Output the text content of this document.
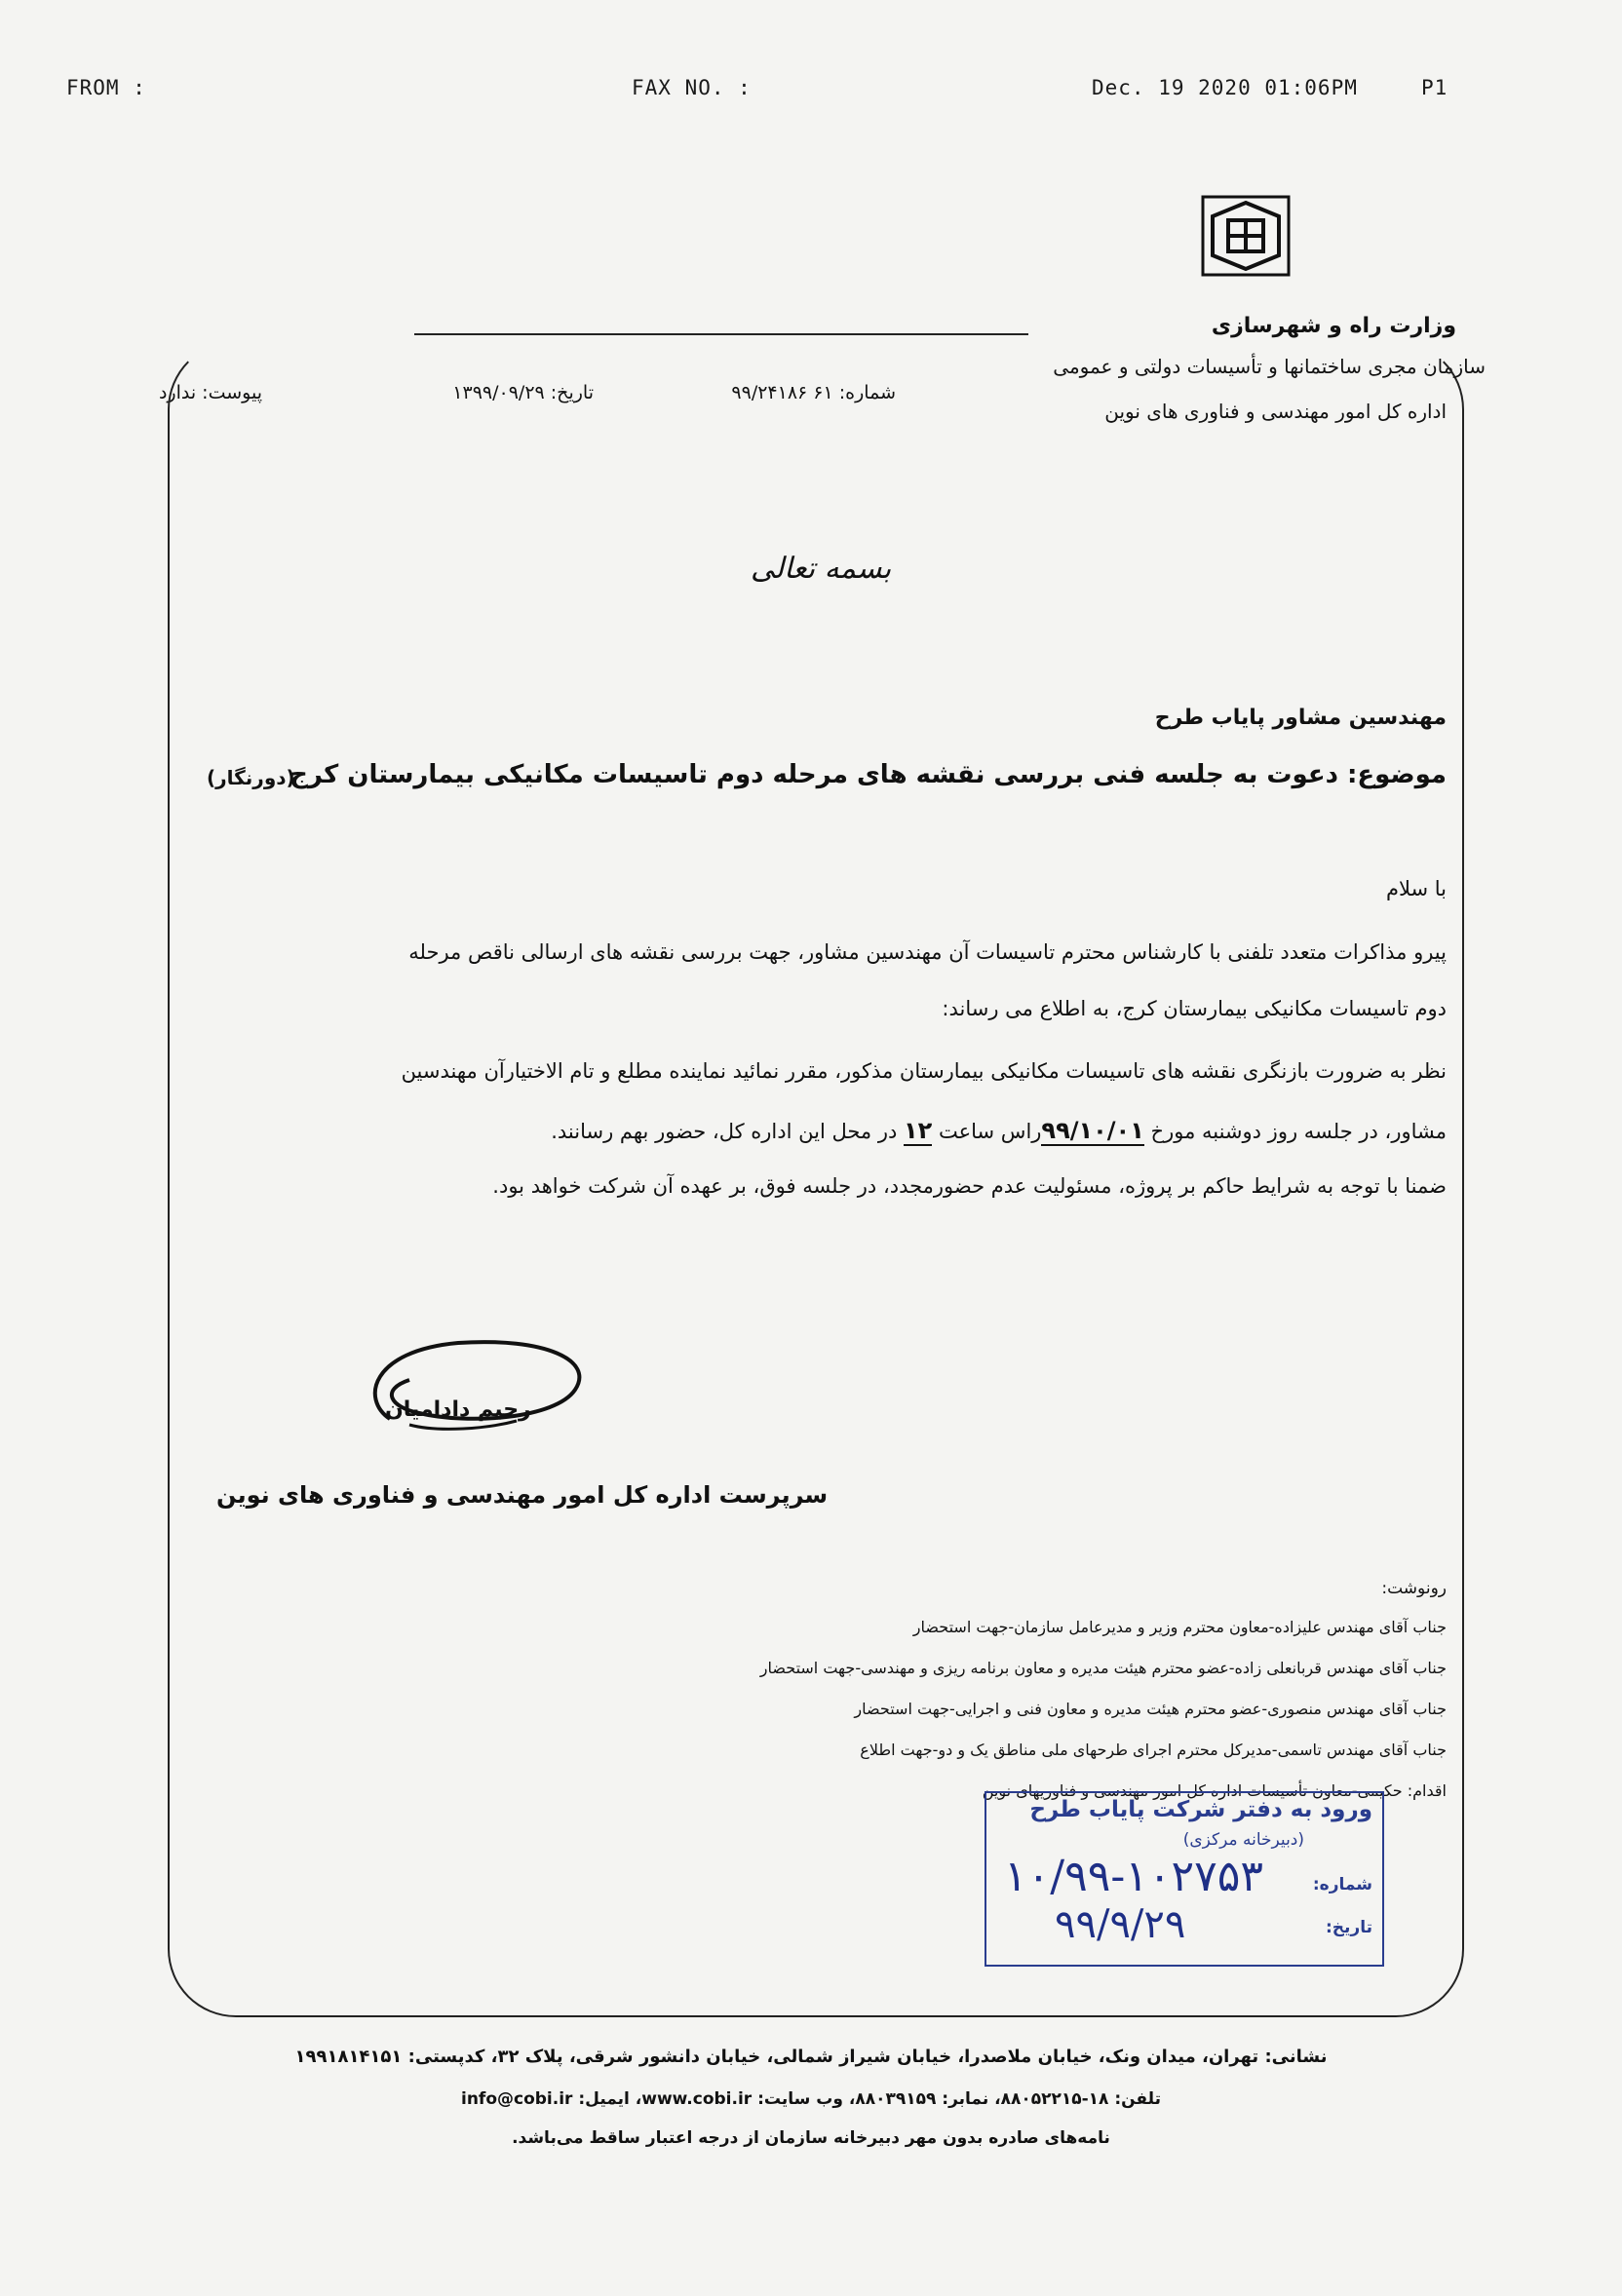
FROM :	FAX NO. :	Dec. 19 2020 01:06PM	P1
وزارت راه و شهرسازی
سازمان مجری ساختمانها و تأسیسات دولتی و عمومی
اداره کل امور مهندسی و فناوری های نوین
شماره: ۶۱ ۹۹/۲۴۱۸۶
تاریخ: ۱۳۹۹/۰۹/۲۹
پیوست: ندارد
بسمه تعالی
مهندسین مشاور پایاب طرح
موضوع: دعوت به جلسه فنی بررسی نقشه های مرحله دوم تاسیسات مکانیکی بیمارستان کرج
(دورنگار)
با سلام
پیرو مذاکرات متعدد تلفنی با کارشناس محترم تاسیسات آن مهندسین مشاور، جهت بررسی نقشه های ارسالی ناقص مرحله
دوم تاسیسات مکانیکی بیمارستان کرج، به اطلاع می رساند:
نظر به ضرورت بازنگری نقشه های تاسیسات مکانیکی بیمارستان مذکور، مقرر نمائید نماینده مطلع و تام الاختیارآن مهندسین
مشاور، در جلسه روز دوشنبه مورخ ۹۹/۱۰/۰۱راس ساعت ۱۲ در محل این اداره کل، حضور بهم رسانند.
ضمنا با توجه به شرایط حاکم بر پروژه، مسئولیت عدم حضورمجدد، در جلسه فوق، بر عهده آن شرکت خواهد بود.
رحیم دادامیان
سرپرست اداره کل امور مهندسی و فناوری های نوین
رونوشت:
جناب آقای مهندس علیزاده-معاون محترم وزیر و مدیرعامل سازمان-جهت استحضار
جناب آقای مهندس قربانعلی زاده-عضو محترم هیئت مدیره و معاون برنامه ریزی و مهندسی-جهت استحضار
جناب آقای مهندس منصوری-عضو محترم هیئت مدیره و معاون فنی و اجرایی-جهت استحضار
جناب آقای مهندس تاسمی-مدیرکل محترم اجرای طرحهای ملی مناطق یک و دو-جهت اطلاع
اقدام: حکیمی-معاون تأسیسات اداره کل امور مهندسی و فناوریهای نوین
ورود به دفتر شرکت پایاب طرح
(دبیرخانه مرکزی)
شماره:
۱۰/۹۹-۱۰۲۷۵۳
تاریخ:
۹۹/۹/۲۹
نشانی: تهران، میدان ونک، خیابان ملاصدرا، خیابان شیراز شمالی، خیابان دانشور شرقی، پلاک ۳۲، کدپستی: ۱۹۹۱۸۱۴۱۵۱
تلفن: ۱۸-۸۸۰۵۲۲۱۵، نمابر: ۸۸۰۳۹۱۵۹، وب سایت: www.cobi.ir، ایمیل: info@cobi.ir
نامه‌های صادره بدون مهر دبیرخانه سازمان از درجه اعتبار ساقط می‌باشد.
